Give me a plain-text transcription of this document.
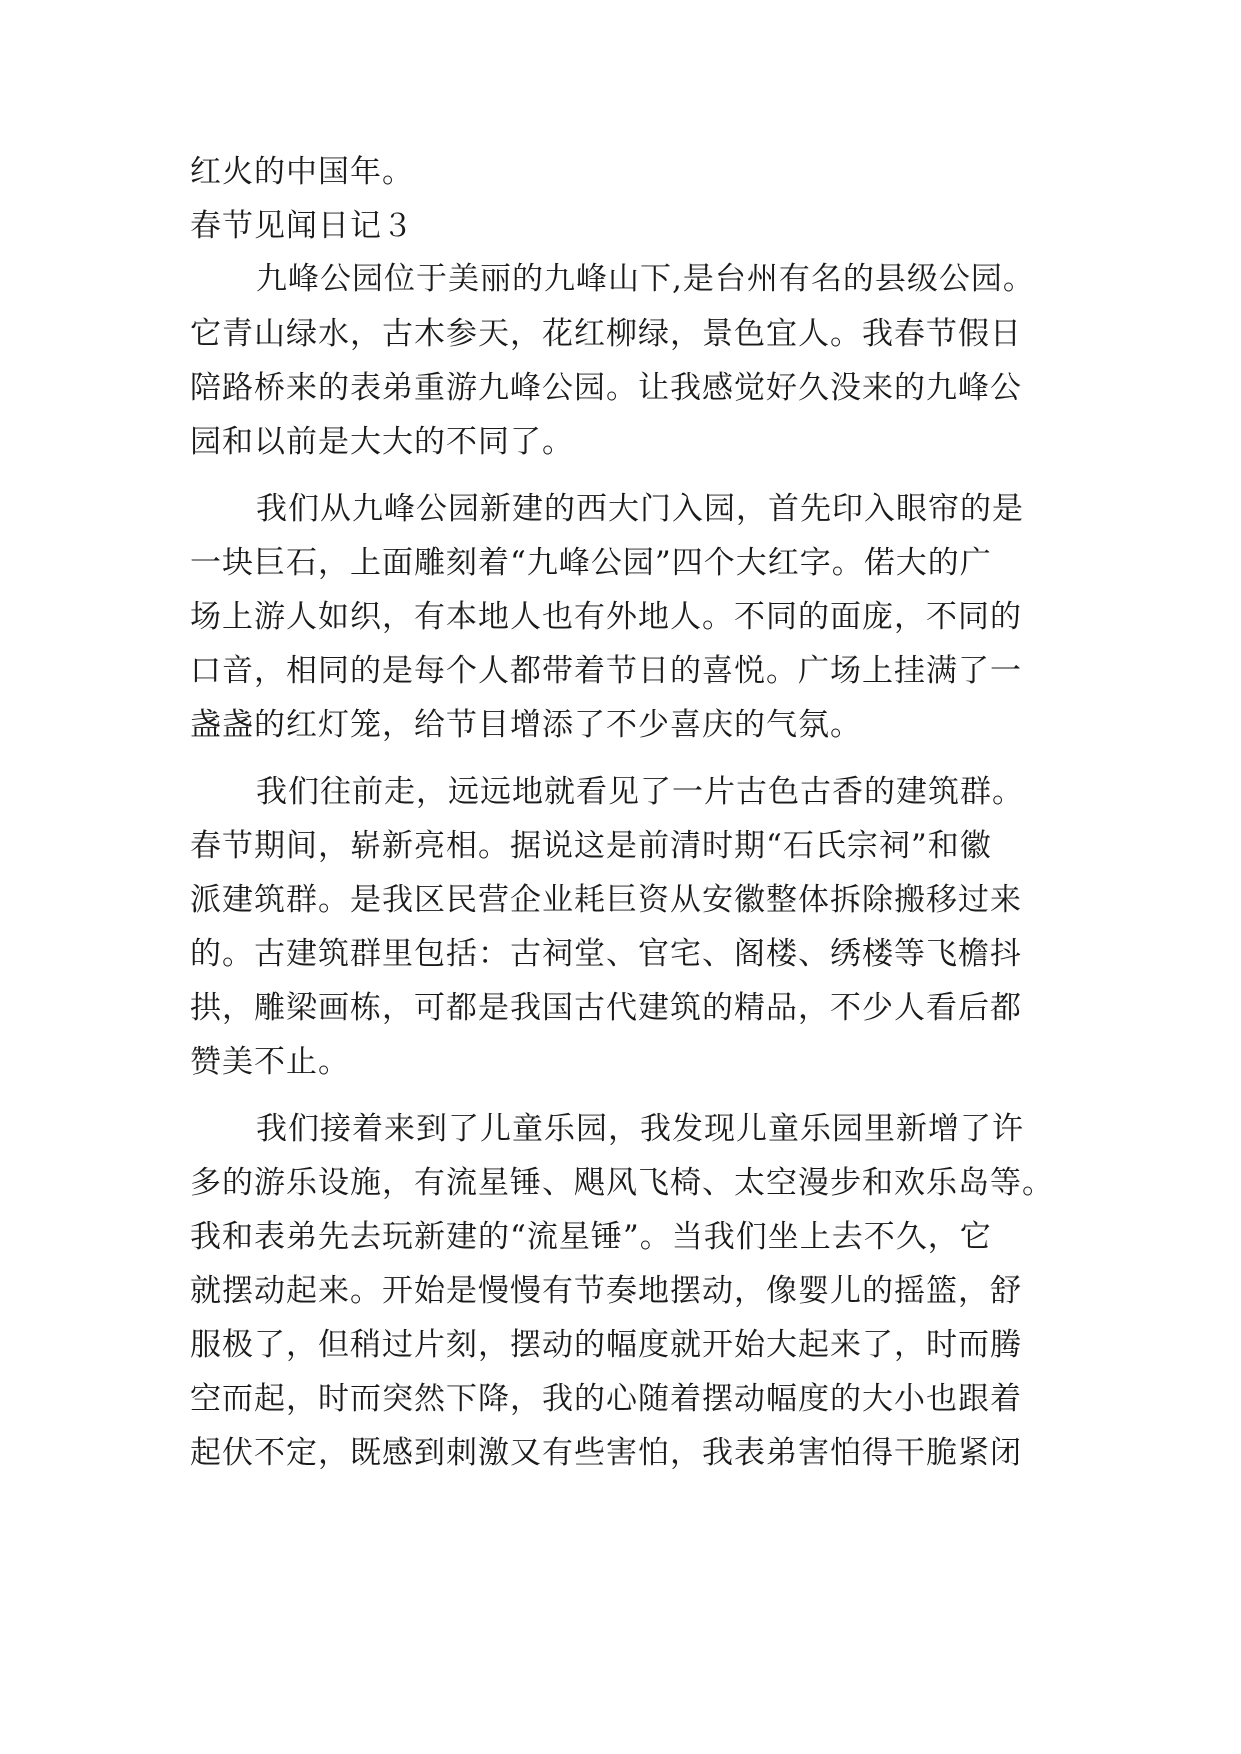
红火的中国年。
春节见闻日记３
九峰公园位于美丽的九峰山下,是台州有名的县级公园。
它青山绿水，古木参天，花红柳绿，景色宜人。我春节假日
陪路桥来的表弟重游九峰公园。让我感觉好久没来的九峰公
园和以前是大大的不同了。
我们从九峰公园新建的西大门入园，首先印入眼帘的是
一块巨石，上面雕刻着“九峰公园”四个大红字。偌大的广
场上游人如织，有本地人也有外地人。不同的面庞，不同的
口音，相同的是每个人都带着节日的喜悦。广场上挂满了一
盏盏的红灯笼，给节目增添了不少喜庆的气氛。
我们往前走，远远地就看见了一片古色古香的建筑群。
春节期间，崭新亮相。据说这是前清时期“石氏宗祠”和徽
派建筑群。是我区民营企业耗巨资从安徽整体拆除搬移过来
的。古建筑群里包括：古祠堂、官宅、阁楼、绣楼等飞檐抖
拱，雕梁画栋，可都是我国古代建筑的精品，不少人看后都
赞美不止。
我们接着来到了儿童乐园，我发现儿童乐园里新增了许
多的游乐设施，有流星锤、飓风飞椅、太空漫步和欢乐岛等。
我和表弟先去玩新建的“流星锤”。当我们坐上去不久，它
就摆动起来。开始是慢慢有节奏地摆动，像婴儿的摇篮，舒
服极了，但稍过片刻，摆动的幅度就开始大起来了，时而腾
空而起，时而突然下降，我的心随着摆动幅度的大小也跟着
起伏不定，既感到刺激又有些害怕，我表弟害怕得干脆紧闭
